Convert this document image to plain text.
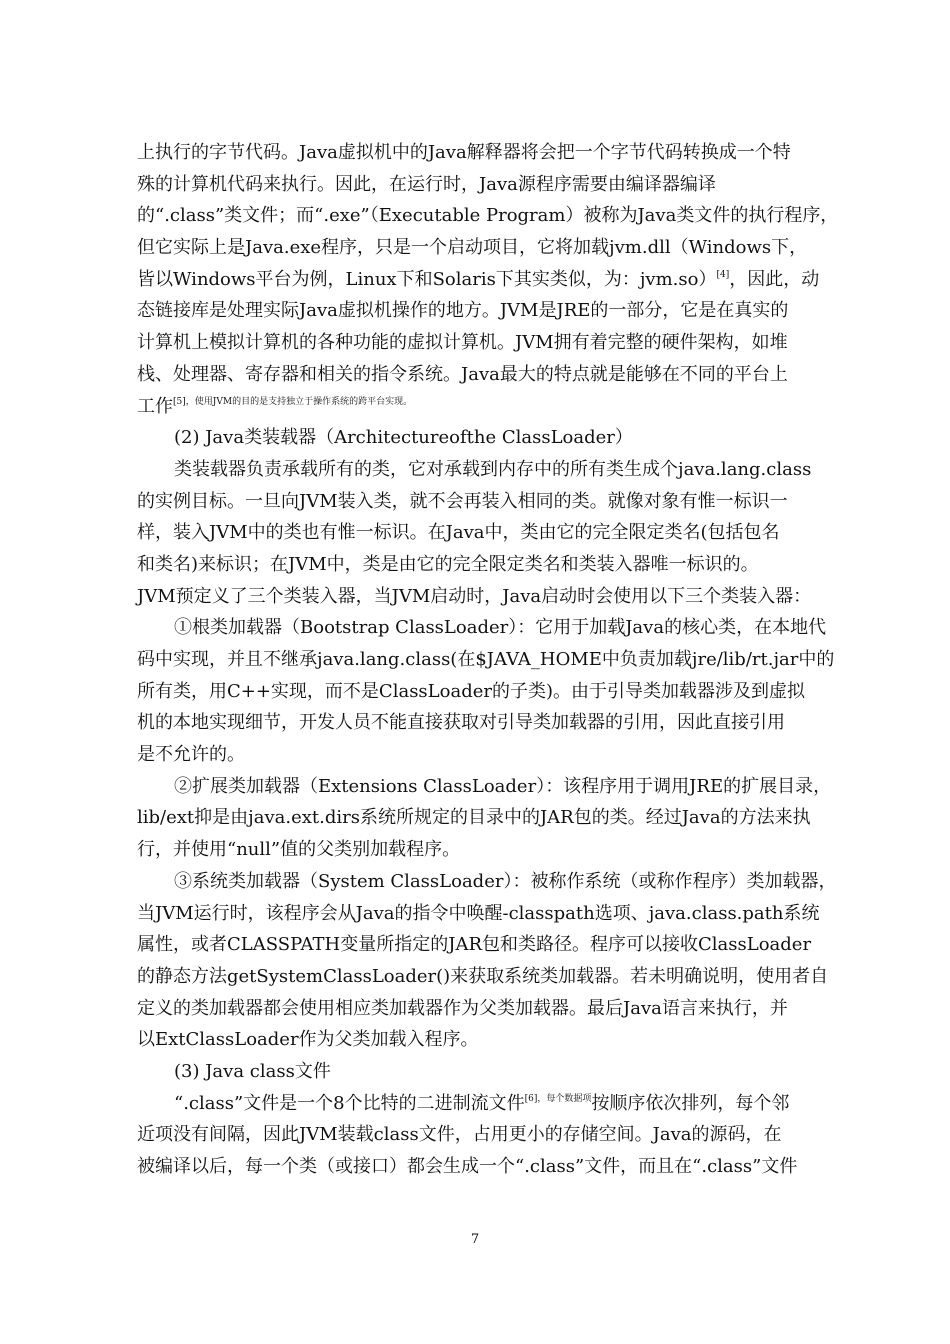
上执行的字节代码。Java虚拟机中的Java解释器将会把一个字节代码转换成一个特
殊的计算机代码来执行。因此，在运行时，Java源程序需要由编译器编译
的“.class”类文件；而“.exe”（Executable Program）被称为Java类文件的执行程序，
但它实际上是Java.exe程序，只是一个启动项目，它将加载jvm.dll（Windows下，
皆以Windows平台为例，Linux下和Solaris下其实类似，为：jvm.so）[4]，因此，动
态链接库是处理实际Java虚拟机操作的地方。JVM是JRE的一部分，它是在真实的
计算机上模拟计算机的各种功能的虚拟计算机。JVM拥有着完整的硬件架构，如堆
栈、处理器、寄存器和相关的指令系统。Java最大的特点就是能够在不同的平台上
工作$^{[5],使用JVM的目的是支持独立于操作系统的跨平台实现。}$
(2) Java类装载器（Architectureofthe ClassLoader）
类装载器负责承载所有的类，它对承载到内存中的所有类生成个java.lang.class
的实例目标。一旦向JVM装入类，就不会再装入相同的类。就像对象有惟一标识一
样，装入JVM中的类也有惟一标识。在Java中，类由它的完全限定类名(包括包名
和类名)来标识；在JVM中，类是由它的完全限定类名和类装入器唯一标识的。
JVM预定义了三个类装入器，当JVM启动时，Java启动时会使用以下三个类装入器：
①根类加载器（Bootstrap ClassLoader）：它用于加载Java的核心类，在本地代
码中实现，并且不继承java.lang.class(在$JAVA_HOME中负责加载jre/lib/rt.jar中的
所有类，用C++实现，而不是ClassLoader的子类)。由于引导类加载器涉及到虚拟
机的本地实现细节，开发人员不能直接获取对引导类加载器的引用，因此直接引用
是不允许的。
②扩展类加载器（Extensions ClassLoader）：该程序用于调用JRE的扩展目录，
lib/ext抑是由java.ext.dirs系统所规定的目录中的JAR包的类。经过Java的方法来执
行，并使用“null”值的父类别加载程序。
③系统类加载器（System ClassLoader）：被称作系统（或称作程序）类加载器，
当JVM运行时，该程序会从Java的指令中唤醒-classpath选项、java.class.path系统
属性，或者CLASSPATH变量所指定的JAR包和类路径。程序可以接收ClassLoader
的静态方法getSystemClassLoader()来获取系统类加载器。若未明确说明，使用者自
定义的类加载器都会使用相应类加载器作为父类加载器。最后Java语言来执行，并
以ExtClassLoader作为父类加载入程序。
(3) Java class文件
“.class”文件是一个8个比特的二进制流文件$^{[6],每个数据项}$按顺序依次排列，每个邻
近项没有间隔，因此JVM装载class文件，占用更小的存储空间。Java的源码，在
被编译以后，每一个类（或接口）都会生成一个“.class”文件，而且在“.class”文件
7
